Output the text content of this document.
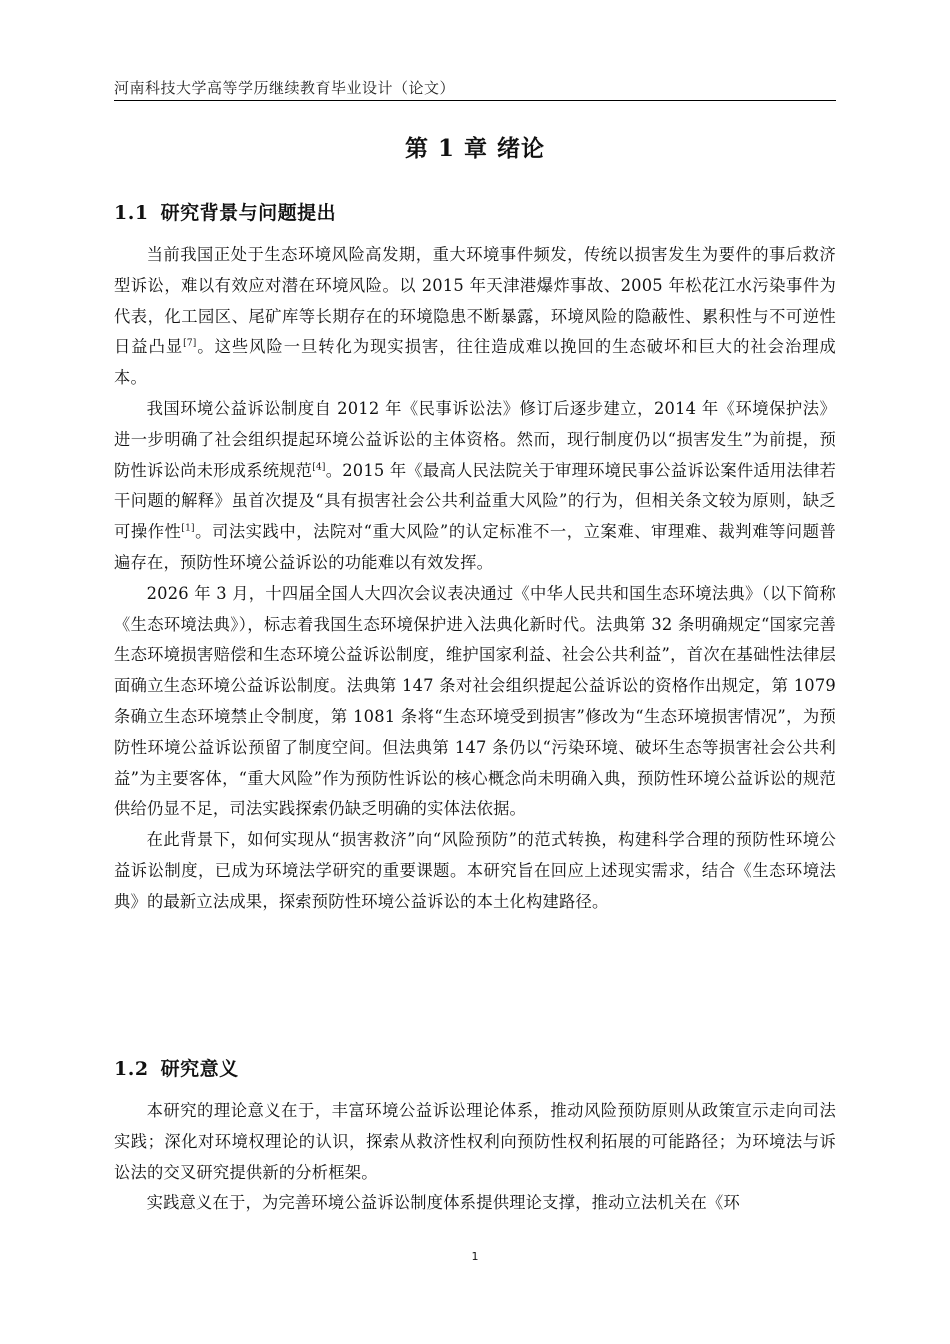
河南科技大学高等学历继续教育毕业设计（论文）
第 1 章 绪论
1.1 研究背景与问题提出

当前我国正处于生态环境风险高发期，重大环境事件频发，传统以损害发生为要件的事后救济型诉讼，难以有效应对潜在环境风险。以 2015 年天津港爆炸事故、2005 年松花江水污染事件为代表，化工园区、尾矿库等长期存在的环境隐患不断暴露，环境风险的隐蔽性、累积性与不可逆性日益凸显[7]。这些风险一旦转化为现实损害，往往造成难以挽回的生态破坏和巨大的社会治理成本。

我国环境公益诉讼制度自 2012 年《民事诉讼法》修订后逐步建立，2014 年《环境保护法》进一步明确了社会组织提起环境公益诉讼的主体资格。然而，现行制度仍以“损害发生”为前提，预防性诉讼尚未形成系统规范[4]。2015 年《最高人民法院关于审理环境民事公益诉讼案件适用法律若干问题的解释》虽首次提及“具有损害社会公共利益重大风险”的行为，但相关条文较为原则，缺乏可操作性[1]。司法实践中，法院对“重大风险”的认定标准不一，立案难、审理难、裁判难等问题普遍存在，预防性环境公益诉讼的功能难以有效发挥。

2026 年 3 月，十四届全国人大四次会议表决通过《中华人民共和国生态环境法典》（以下简称《生态环境法典》），标志着我国生态环境保护进入法典化新时代。法典第 32 条明确规定“国家完善生态环境损害赔偿和生态环境公益诉讼制度，维护国家利益、社会公共利益”，首次在基础性法律层面确立生态环境公益诉讼制度。法典第 147 条对社会组织提起公益诉讼的资格作出规定，第 1079 条确立生态环境禁止令制度，第 1081 条将“生态环境受到损害”修改为“生态环境损害情况”，为预防性环境公益诉讼预留了制度空间。但法典第 147 条仍以“污染环境、破坏生态等损害社会公共利益”为主要客体，“重大风险”作为预防性诉讼的核心概念尚未明确入典，预防性环境公益诉讼的规范供给仍显不足，司法实践探索仍缺乏明确的实体法依据。

在此背景下，如何实现从“损害救济”向“风险预防”的范式转换，构建科学合理的预防性环境公益诉讼制度，已成为环境法学研究的重要课题。本研究旨在回应上述现实需求，结合《生态环境法典》的最新立法成果，探索预防性环境公益诉讼的本土化构建路径。

1.2 研究意义

本研究的理论意义在于，丰富环境公益诉讼理论体系，推动风险预防原则从政策宣示走向司法实践；深化对环境权理论的认识，探索从救济性权利向预防性权利拓展的可能路径；为环境法与诉讼法的交叉研究提供新的分析框架。

实践意义在于，为完善环境公益诉讼制度体系提供理论支撑，推动立法机关在《环

1
